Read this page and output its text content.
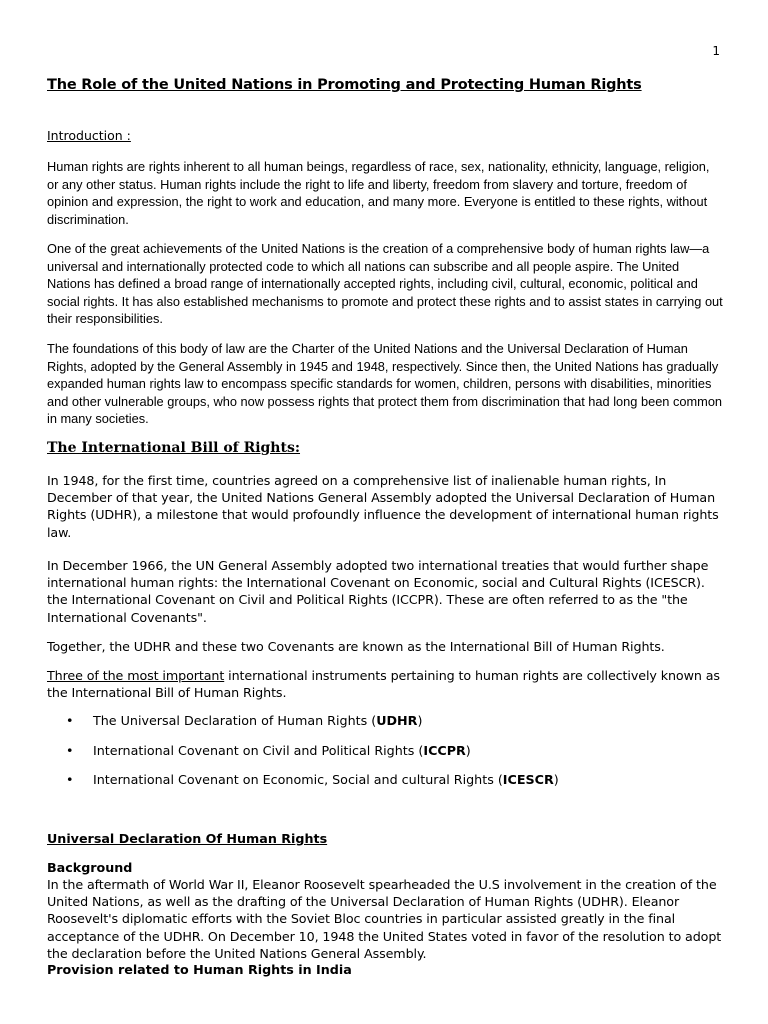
1
The Role of the United Nations in Promoting and Protecting Human Rights
Introduction :

Human rights are rights inherent to all human beings, regardless of race, sex, nationality, ethnicity, language, religion, or any other status. Human rights include the right to life and liberty, freedom from slavery and torture, freedom of opinion and expression, the right to work and education, and many more. Everyone is entitled to these rights, without discrimination.

One of the great achievements of the United Nations is the creation of a comprehensive body of human rights law—a universal and internationally protected code to which all nations can subscribe and all people aspire. The United Nations has defined a broad range of internationally accepted rights, including civil, cultural, economic, political and social rights. It has also established mechanisms to promote and protect these rights and to assist states in carrying out their responsibilities.

The foundations of this body of law are the Charter of the United Nations and the Universal Declaration of Human Rights, adopted by the General Assembly in 1945 and 1948, respectively. Since then, the United Nations has gradually expanded human rights law to encompass specific standards for women, children, persons with disabilities, minorities and other vulnerable groups, who now possess rights that protect them from discrimination that had long been common in many societies.

The International Bill of Rights:

In 1948, for the first time, countries agreed on a comprehensive list of inalienable human rights, In December of that year, the United Nations General Assembly adopted the Universal Declaration of Human Rights (UDHR), a milestone that would profoundly influence the development of international human rights law.

In December 1966, the UN General Assembly adopted two international treaties that would further shape international human rights: the International Covenant on Economic, social and Cultural Rights (ICESCR). the International Covenant on Civil and Political Rights (ICCPR). These are often referred to as the "the International Covenants".

Together, the UDHR and these two Covenants are known as the International Bill of Human Rights.

Three of the most important international instruments pertaining to human rights are collectively known as the International Bill of Human Rights.

• The Universal Declaration of Human Rights (UDHR)
• International Covenant on Civil and Political Rights (ICCPR)
• International Covenant on Economic, Social and cultural Rights (ICESCR)
Universal Declaration Of Human Rights
Background

In the aftermath of World War II, Eleanor Roosevelt spearheaded the U.S involvement in the creation of the United Nations, as well as the drafting of the Universal Declaration of Human Rights (UDHR). Eleanor Roosevelt's diplomatic efforts with the Soviet Bloc countries in particular assisted greatly in the final acceptance of the UDHR. On December 10, 1948 the United States voted in favor of the resolution to adopt the declaration before the United Nations General Assembly.

Provision related to Human Rights in India
